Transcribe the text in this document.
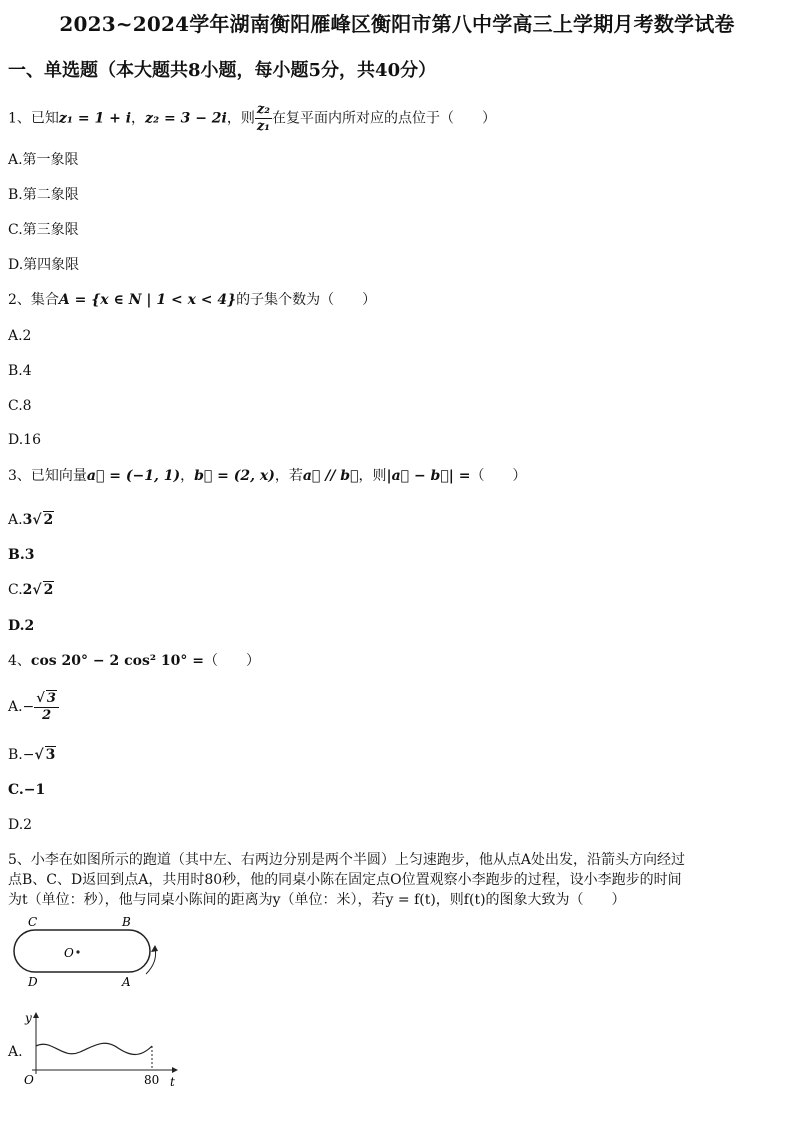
2023~2024学年湖南衡阳雁峰区衡阳市第八中学高三上学期月考数学试卷
一、单选题（本大题共8小题，每小题5分，共40分）
1、已知z₁ = 1 + i，z₂ = 3 − 2i，则 $\frac{\text{z₂}}{\text{z₁}}$ 在复平面内所对应的点位于（　　）
A.第一象限
B.第二象限
C.第三象限
D.第四象限
2、集合A = {x ∈ N | 1 < x < 4}的子集个数为（　　）
A.2
B.4
C.8
D.16
3、已知向量a⃗ = (−1, 1)，b⃗ = (2, x)，若a⃗ // b⃗，则|a⃗ − b⃗| =（　　）
A.3√ 2
B.3
C.2√ 2
D.2
4、cos 20° − 2 cos² 10° =（　　）
$A.- \frac{√ 3}{2}$
B.−√ 3
C.−1
D.2
5、小李在如图所示的跑道（其中左、右两边分别是两个半圆）上匀速跑步，他从点A处出发，沿箭头方向经过
点B、C、D返回到点A，共用时80秒，他的同桌小陈在固定点O位置观察小李跑步的过程，设小李跑步的时间
为t（单位：秒），他与同桌小陈间的距离为y（单位：米），若y = f(t)，则f(t)的图象大致为（　　）
C	B
O
D	A
A.
y
O	t
80
